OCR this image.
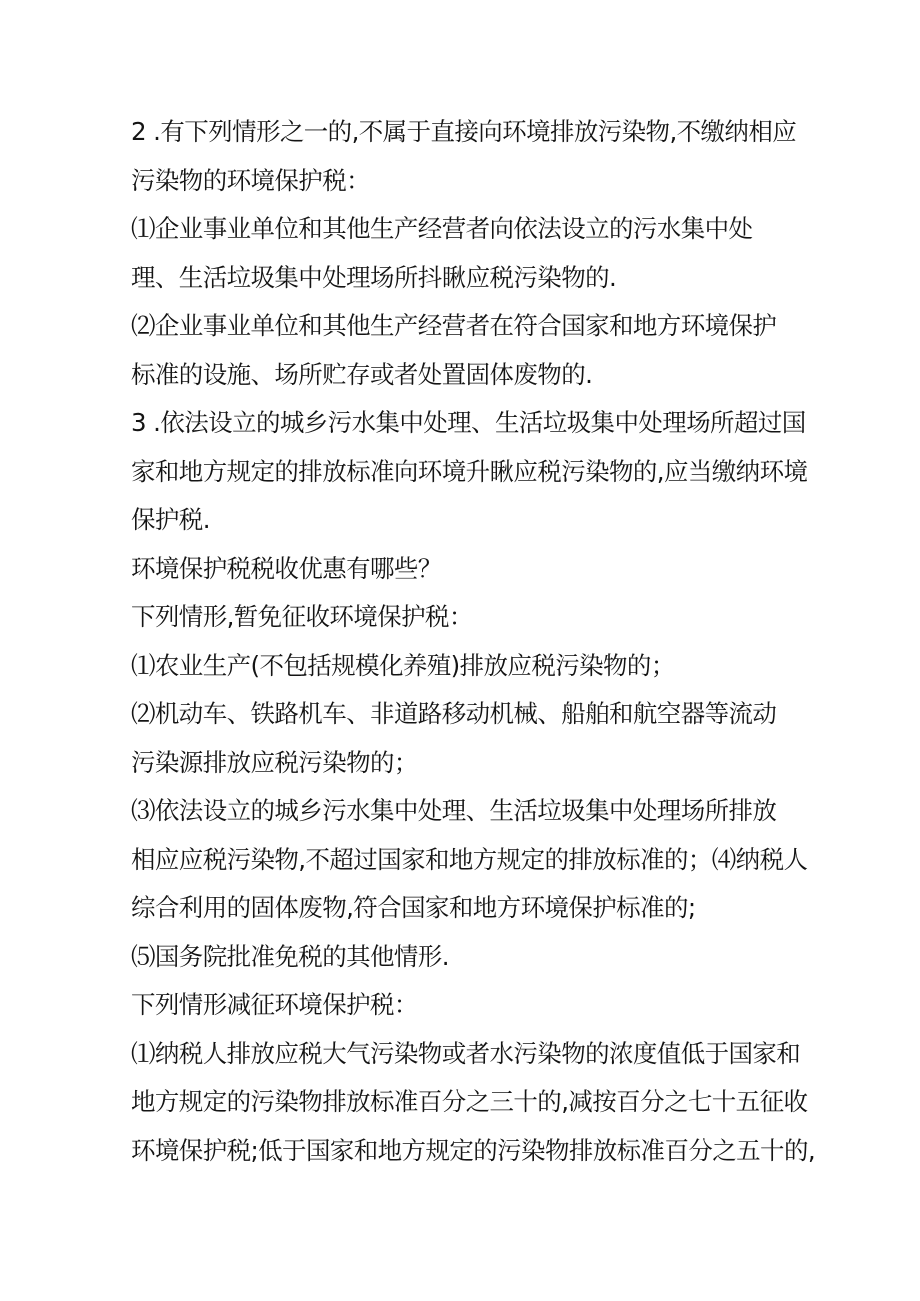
2 .有下列情形之一的,不属于直接向环境排放污染物,不缴纳相应
污染物的环境保护税：
⑴企业事业单位和其他生产经营者向依法设立的污水集中处
理、生活垃圾集中处理场所抖瞅应税污染物的.
⑵企业事业单位和其他生产经营者在符合国家和地方环境保护
标准的设施、场所贮存或者处置固体废物的.
3 .依法设立的城乡污水集中处理、生活垃圾集中处理场所超过国
家和地方规定的排放标准向环境升瞅应税污染物的,应当缴纳环境
保护税.
环境保护税税收优惠有哪些？
下列情形,暂免征收环境保护税：
⑴农业生产(不包括规模化养殖)排放应税污染物的；
⑵机动车、铁路机车、非道路移动机械、船舶和航空器等流动
污染源排放应税污染物的；
⑶依法设立的城乡污水集中处理、生活垃圾集中处理场所排放
相应应税污染物,不超过国家和地方规定的排放标准的；⑷纳税人
综合利用的固体废物,符合国家和地方环境保护标准的;
⑸国务院批准免税的其他情形.
下列情形减征环境保护税：
⑴纳税人排放应税大气污染物或者水污染物的浓度值低于国家和
地方规定的污染物排放标准百分之三十的,减按百分之七十五征收
环境保护税;低于国家和地方规定的污染物排放标准百分之五十的,
